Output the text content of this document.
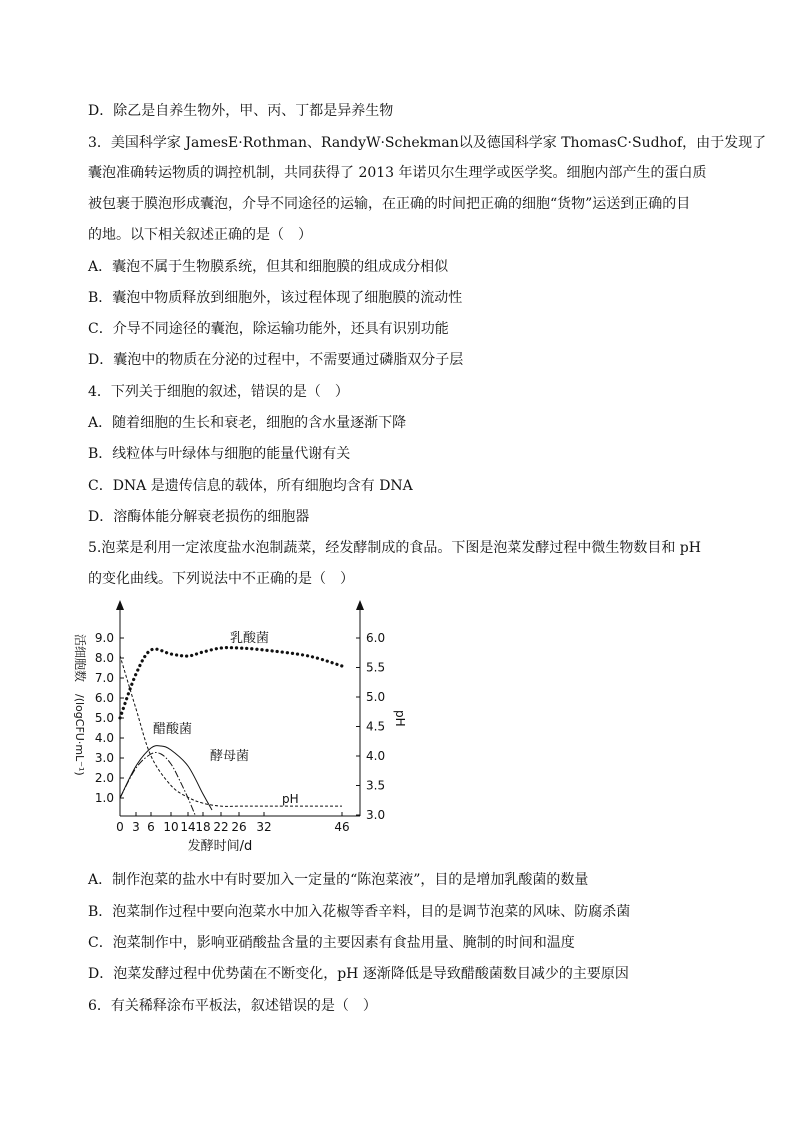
D．除乙是自养生物外，甲、丙、丁都是异养生物
3．美国科学家 JamesE·Rothman、RandyW·Schekman以及德国科学家 ThomasC·Sudhof，由于发现了
囊泡准确转运物质的调控机制，共同获得了 2013 年诺贝尔生理学或医学奖。细胞内部产生的蛋白质
被包裹于膜泡形成囊泡，介导不同途径的运输，在正确的时间把正确的细胞“货物”运送到正确的目
的地。以下相关叙述正确的是（　）
A．囊泡不属于生物膜系统，但其和细胞膜的组成成分相似
B．囊泡中物质释放到细胞外，该过程体现了细胞膜的流动性
C．介导不同途径的囊泡，除运输功能外，还具有识别功能
D．囊泡中的物质在分泌的过程中，不需要通过磷脂双分子层
4．下列关于细胞的叙述，错误的是（　）
A．随着细胞的生长和衰老，细胞的含水量逐渐下降
B．线粒体与叶绿体与细胞的能量代谢有关
C．DNA 是遗传信息的载体，所有细胞均含有 DNA
D．溶酶体能分解衰老损伤的细胞器
5.泡菜是利用一定浓度盐水泡制蔬菜，经发酵制成的食品。下图是泡菜发酵过程中微生物数目和 pH
的变化曲线。下列说法中不正确的是（　）
A．制作泡菜的盐水中有时要加入一定量的“陈泡菜液”，目的是增加乳酸菌的数量
B．泡菜制作过程中要向泡菜水中加入花椒等香辛料，目的是调节泡菜的风味、防腐杀菌
C．泡菜制作中，影响亚硝酸盐含量的主要因素有食盐用量、腌制的时间和温度
D．泡菜发酵过程中优势菌在不断变化，pH 逐渐降低是导致醋酸菌数目减少的主要原因
6．有关稀释涂布平板法，叙述错误的是（　）
0 3 6 10 14 18 22 26 32	46
1.0
2.0
3.0
4.0
5.0
6.0
7.0
8.0
9.0
3.0
3.5
4.0
4.5
5.0
5.5
6.0
发酵时间/d
活细胞数
/(logCFU·mL⁻¹)	pH
乳酸菌
醋酸菌
酵母菌
pH
